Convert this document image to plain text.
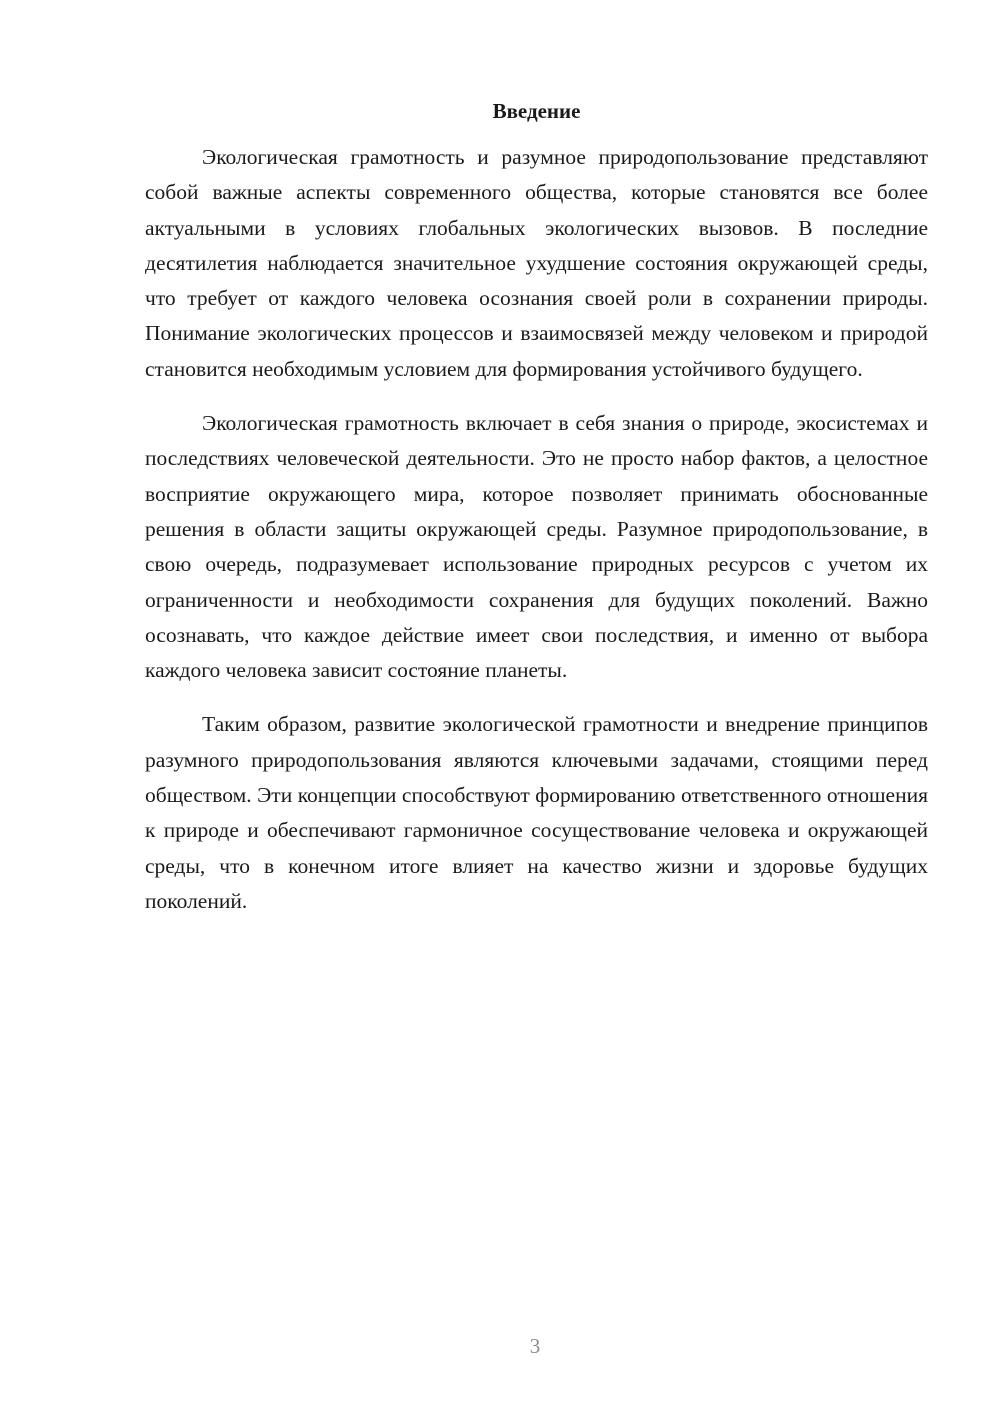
Введение

Экологическая грамотность и разумное природопользование представляют собой важные аспекты современного общества, которые становятся все более актуальными в условиях глобальных экологических вызовов. В последние десятилетия наблюдается значительное ухудшение состояния окружающей среды, что требует от каждого человека осознания своей роли в сохранении природы. Понимание экологических процессов и взаимосвязей между человеком и природой становится необходимым условием для формирования устойчивого будущего.

Экологическая грамотность включает в себя знания о природе, экосистемах и последствиях человеческой деятельности. Это не просто набор фактов, а целостное восприятие окружающего мира, которое позволяет принимать обоснованные решения в области защиты окружающей среды. Разумное природопользование, в свою очередь, подразумевает использование природных ресурсов с учетом их ограниченности и необходимости сохранения для будущих поколений. Важно осознавать, что каждое действие имеет свои последствия, и именно от выбора каждого человека зависит состояние планеты.

Таким образом, развитие экологической грамотности и внедрение принципов разумного природопользования являются ключевыми задачами, стоящими перед обществом. Эти концепции способствуют формированию ответственного отношения к природе и обеспечивают гармоничное сосуществование человека и окружающей среды, что в конечном итоге влияет на качество жизни и здоровье будущих поколений.

3
